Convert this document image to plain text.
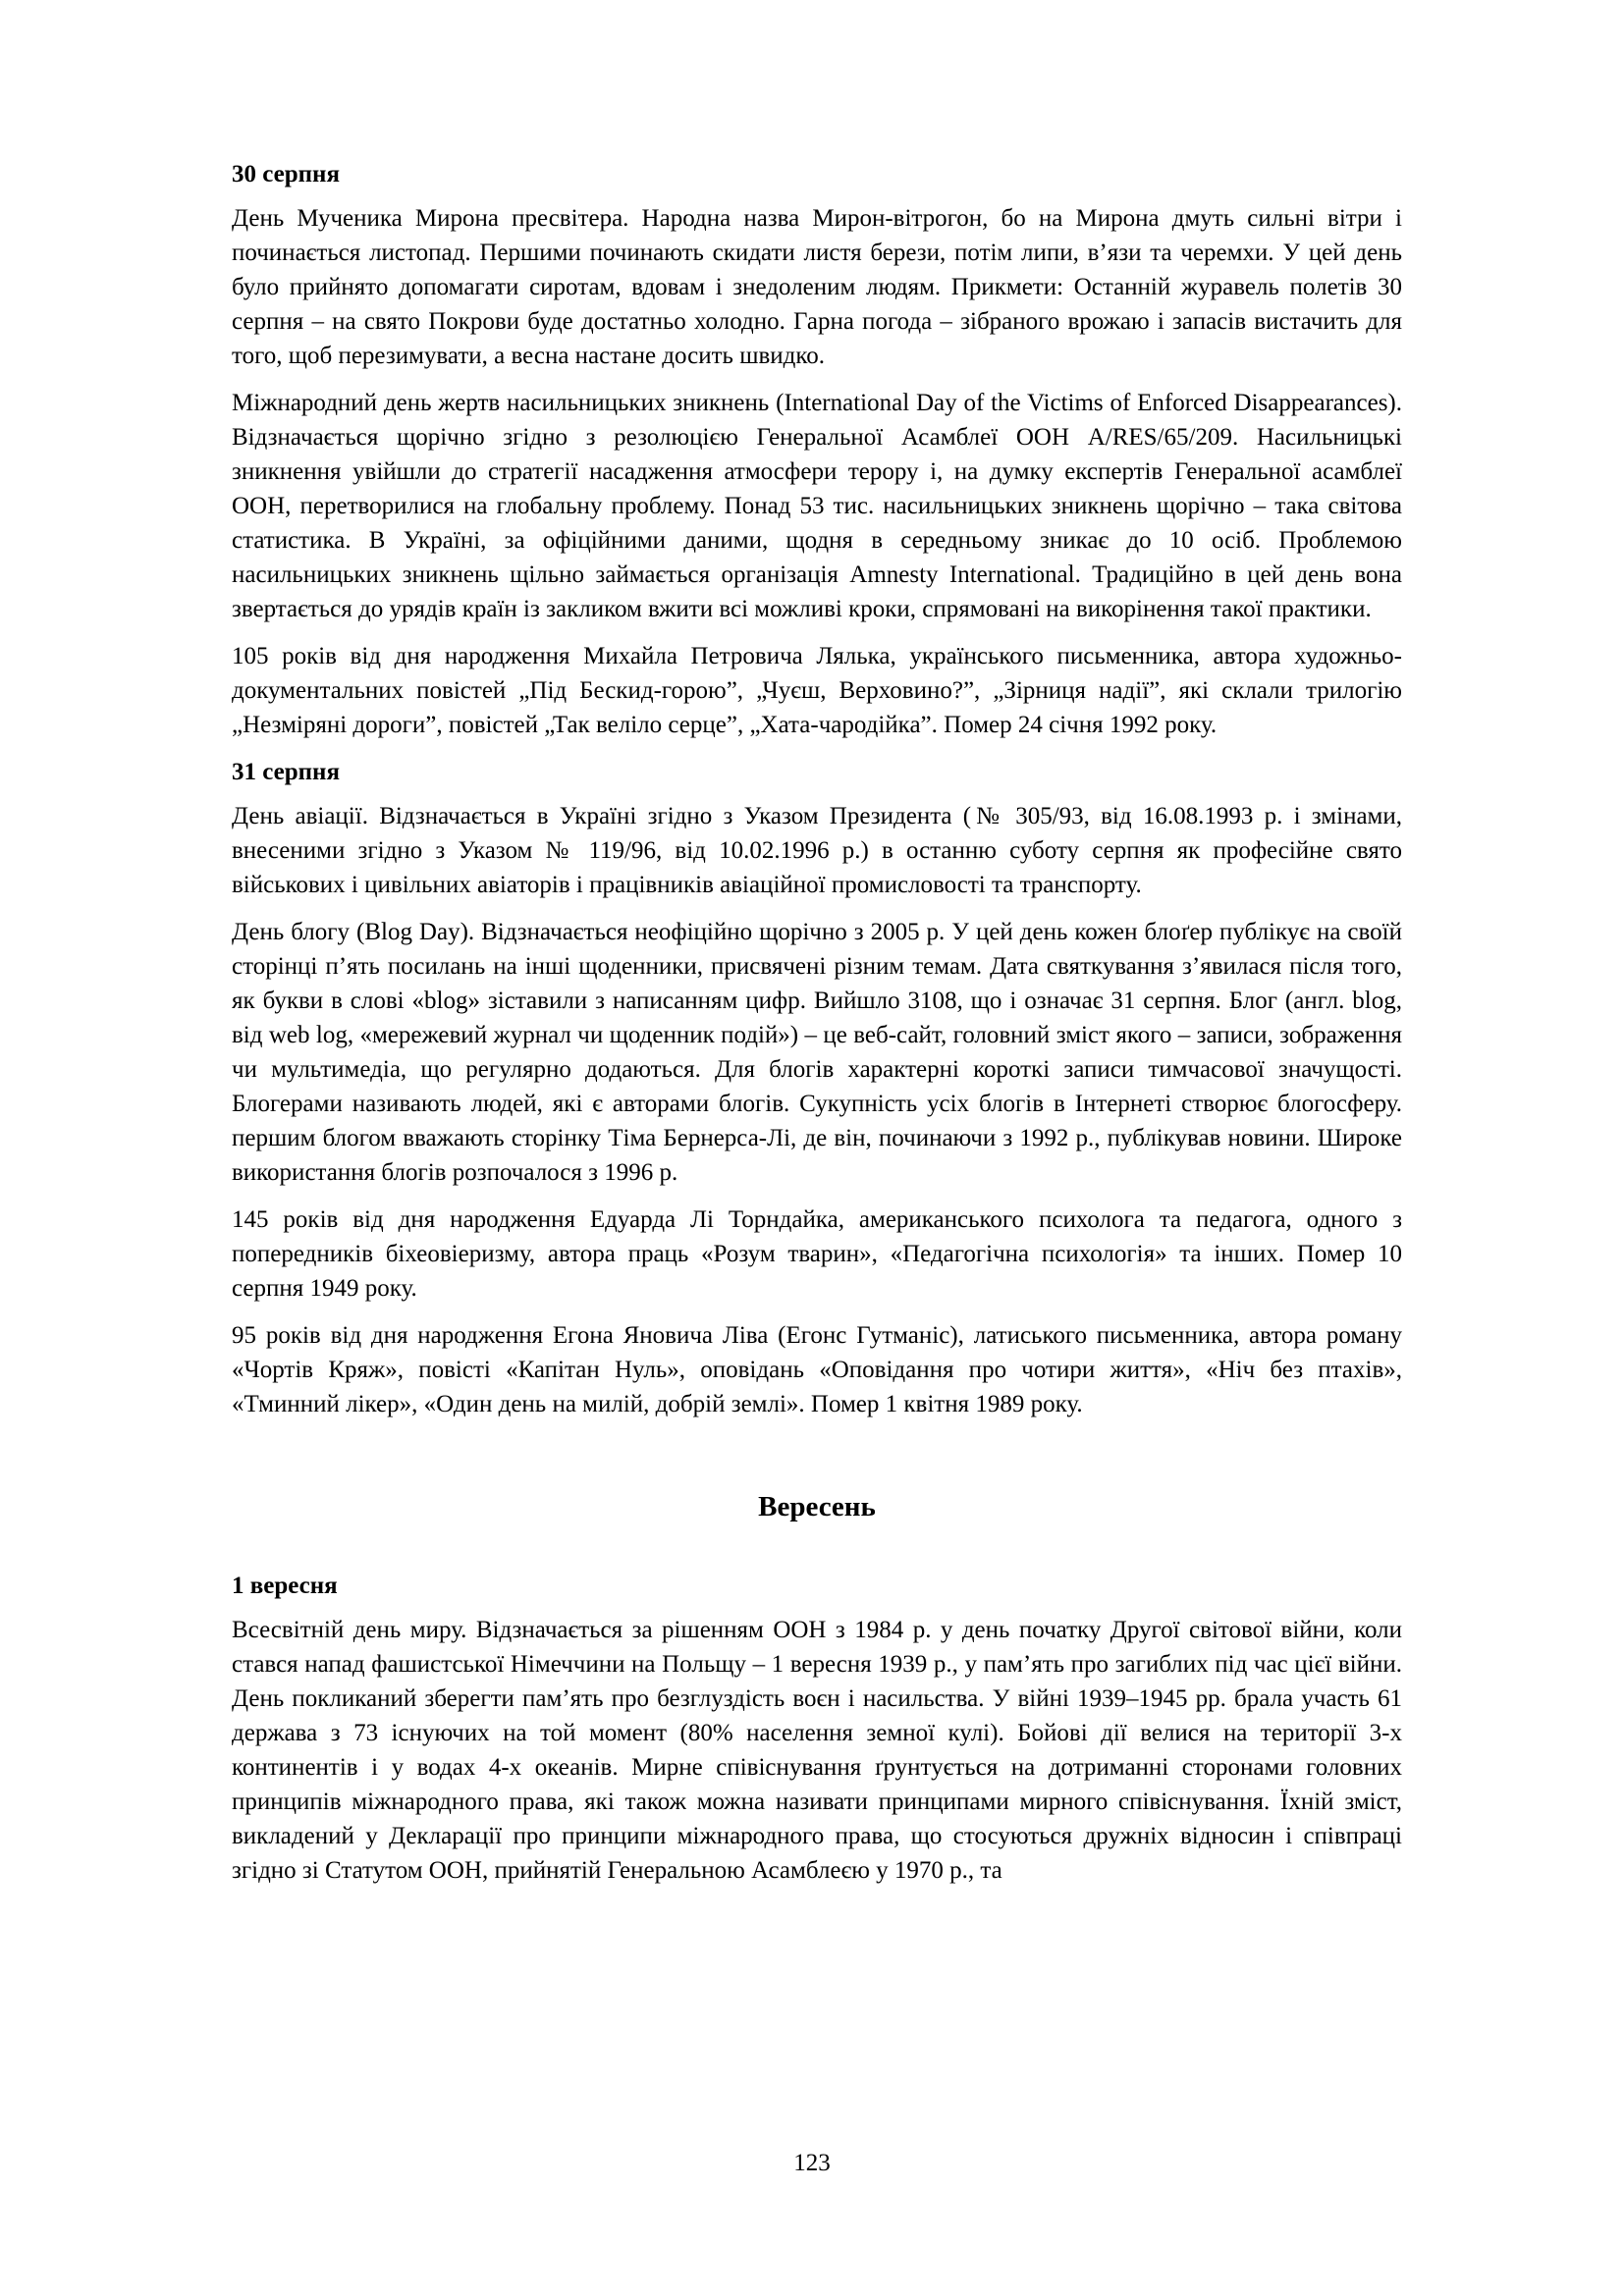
30 серпня

День Мученика Мирона пресвітера. Народна назва Мирон-вітрогон, бо на Мирона дмуть сильні вітри і починається листопад. Першими починають скидати листя берези, потім липи, в’язи та черемхи. У цей день було прийнято допомагати сиротам, вдовам і знедоленим людям. Прикмети: Останній журавель полетів 30 серпня – на свято Покрови буде достатньо холодно. Гарна погода – зібраного врожаю і запасів вистачить для того, щоб перезимувати, а весна настане досить швидко.

Міжнародний день жертв насильницьких зникнень (International Day of the Victims of Enforced Disappearances). Відзначається щорічно згідно з резолюцією Генеральної Асамблеї ООН A/RES/65/209. Насильницькі зникнення увійшли до стратегії насадження атмосфери терору і, на думку експертів Генеральної асамблеї ООН, перетворилися на глобальну проблему. Понад 53 тис. насильницьких зникнень щорічно – така світова статистика. В Україні, за офіційними даними, щодня в середньому зникає до 10 осіб. Проблемою насильницьких зникнень щільно займається організація Amnesty International. Традиційно в цей день вона звертається до урядів країн із закликом вжити всі можливі кроки, спрямовані на викорінення такої практики.

105 років від дня народження Михайла Петровича Лялька, українського письменника, автора художньо-документальних повістей „Під Бескид-горою”, „Чуєш, Верховино?”, „Зірниця надії”, які склали трилогію „Незміряні дороги”, повістей „Так веліло серце”, „Хата-чародійка”. Помер 24 січня 1992 року.

31 серпня

День авіації. Відзначається в Україні згідно з Указом Президента (№ 305/93, від 16.08.1993 р. і змінами, внесеними згідно з Указом № 119/96, від 10.02.1996 р.) в останню суботу серпня як професійне свято військових і цивільних авіаторів і працівників авіаційної промисловості та транспорту.

День блогу (Blog Day). Відзначається неофіційно щорічно з 2005 р. У цей день кожен блоґер публікує на своїй сторінці п’ять посилань на інші щоденники, присвячені різним темам. Дата святкування з’явилася після того, як букви в слові «blog» зіставили з написанням цифр. Вийшло 3108, що і означає 31 серпня. Блог (англ. blog, від web log, «мережевий журнал чи щоденник подій») – це веб-сайт, головний зміст якого – записи, зображення чи мультимедіа, що регулярно додаються. Для блогів характерні короткі записи тимчасової значущості. Блогерами називають людей, які є авторами блогів. Сукупність усіх блогів в Інтернеті створює блогосферу. першим блогом вважають сторінку Тіма Бернерса-Лі, де він, починаючи з 1992 р., публікував новини. Широке використання блогів розпочалося з 1996 р.

145 років від дня народження Едуарда Лі Торндайка, американського психолога та педагога, одного з попередників біхеовіеризму, автора праць «Розум тварин», «Педагогічна психологія» та інших. Помер 10 серпня 1949 року.

95 років від дня народження Егона Яновича Ліва (Егонс Гутманіс), латиського письменника, автора роману «Чортів Кряж», повісті «Капітан Нуль», оповідань «Оповідання про чотири життя», «Ніч без птахів», «Тминний лікер», «Один день на милій, добрій землі». Помер 1 квітня 1989 року.

Вересень
1 вересня

Всесвітній день миру. Відзначається за рішенням ООН з 1984 р. у день початку Другої світової війни, коли стався напад фашистської Німеччини на Польщу – 1 вересня 1939 р., у пам’ять про загиблих під час цієї війни. День покликаний зберегти пам’ять про безглуздість воєн і насильства. У війні 1939–1945 рр. брала участь 61 держава з 73 існуючих на той момент (80% населення земної кулі). Бойові дії велися на території 3-х континентів і у водах 4-х океанів. Мирне співіснування ґрунтується на дотриманні сторонами головних принципів міжнародного права, які також можна називати принципами мирного співіснування. Їхній зміст, викладений у Декларації про принципи міжнародного права, що стосуються дружніх відносин і співпраці згідно зі Статутом ООН, прийнятій Генеральною Асамблеєю у 1970 р., та

123
